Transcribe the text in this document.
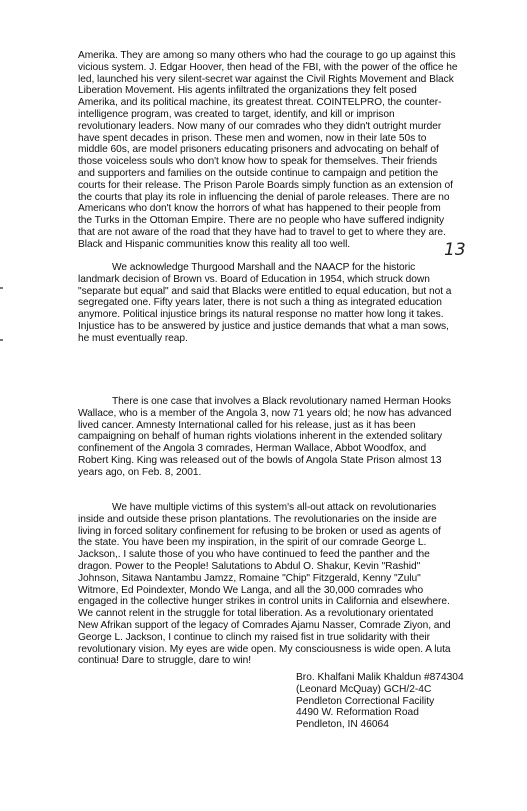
Amerika. They are among so many others who had the courage to go up against this
vicious system. J. Edgar Hoover, then head of the FBI, with the power of the office he
led, launched his very silent-secret war against the Civil Rights Movement and Black
Liberation Movement. His agents infiltrated the organizations they felt posed
Amerika, and its political machine, its greatest threat. COINTELPRO, the counter-
intelligence program, was created to target, identify, and kill or imprison
revolutionary leaders. Now many of our comrades who they didn't outright murder
have spent decades in prison. These men and women, now in their late 50s to
middle 60s, are model prisoners educating prisoners and advocating on behalf of
those voiceless souls who don't know how to speak for themselves. Their friends
and supporters and families on the outside continue to campaign and petition the
courts for their release. The Prison Parole Boards simply function as an extension of
the courts that play its role in influencing the denial of parole releases. There are no
Americans who don't know the horrors of what has happened to their people from
the Turks in the Ottoman Empire. There are no people who have suffered indignity
that are not aware of the road that they have had to travel to get to where they are.
Black and Hispanic communities know this reality all too well.	13

We acknowledge Thurgood Marshall and the NAACP for the historic
landmark decision of Brown vs. Board of Education in 1954, which struck down
"separate but equal" and said that Blacks were entitled to equal education, but not a
segregated one. Fifty years later, there is not such a thing as integrated education
anymore. Political injustice brings its natural response no matter how long it takes.
Injustice has to be answered by justice and justice demands that what a man sows,
he must eventually reap.

There is one case that involves a Black revolutionary named Herman Hooks
Wallace, who is a member of the Angola 3, now 71 years old; he now has advanced
lived cancer. Amnesty International called for his release, just as it has been
campaigning on behalf of human rights violations inherent in the extended solitary
confinement of the Angola 3 comrades, Herman Wallace, Abbot Woodfox, and
Robert King. King was released out of the bowls of Angola State Prison almost 13
years ago, on Feb. 8, 2001.

We have multiple victims of this system's all-out attack on revolutionaries
inside and outside these prison plantations. The revolutionaries on the inside are
living in forced solitary confinement for refusing to be broken or used as agents of
the state. You have been my inspiration, in the spirit of our comrade George L.
Jackson,. I salute those of you who have continued to feed the panther and the
dragon. Power to the People! Salutations to Abdul O. Shakur, Kevin "Rashid"
Johnson, Sitawa Nantambu Jamzz, Romaine "Chip" Fitzgerald, Kenny "Zulu"
Witmore, Ed Poindexter, Mondo We Langa, and all the 30,000 comrades who
engaged in the collective hunger strikes in control units in California and elsewhere.
We cannot relent in the struggle for total liberation. As a revolutionary orientated
New Afrikan support of the legacy of Comrades Ajamu Nasser, Comrade Ziyon, and
George L. Jackson, I continue to clinch my raised fist in true solidarity with their
revolutionary vision. My eyes are wide open. My consciousness is wide open. A luta
continua! Dare to struggle, dare to win!

Bro. Khalfani Malik Khaldun #874304
(Leonard McQuay) GCH/2-4C
Pendleton Correctional Facility
4490 W. Reformation Road
Pendleton, IN 46064
